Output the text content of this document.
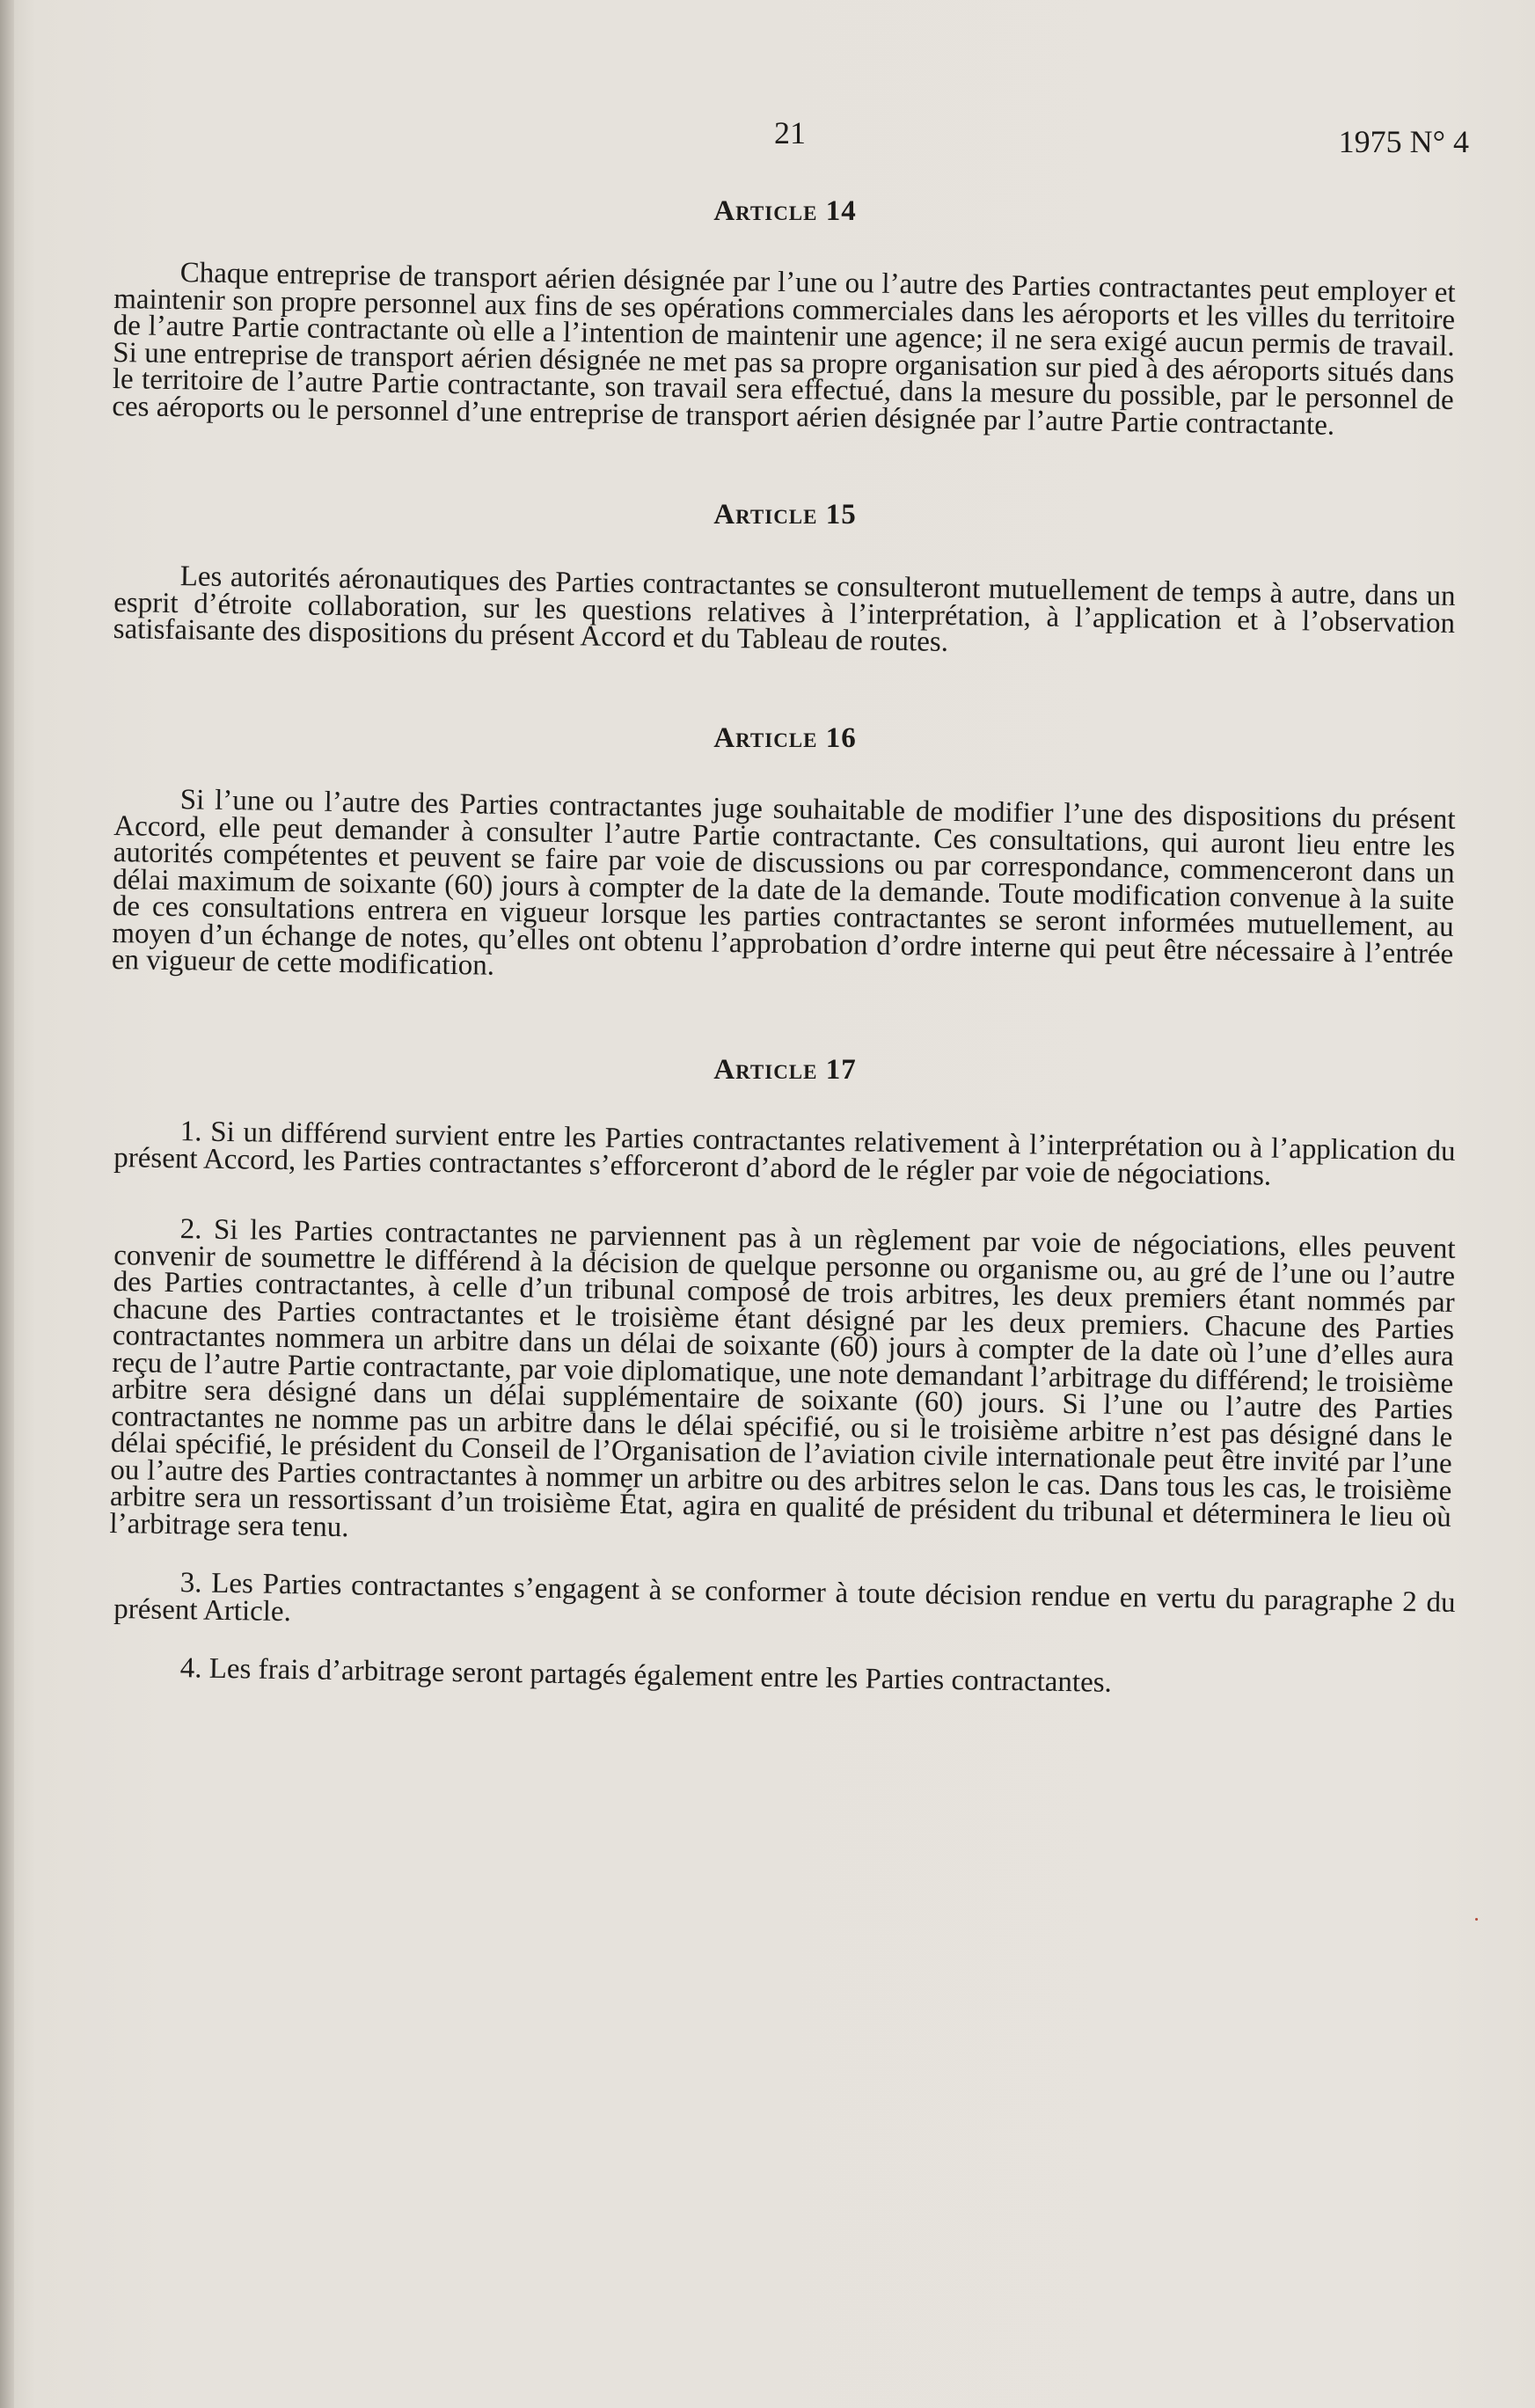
21	1975 N° 4
Article 14

Chaque entreprise de transport aérien désignée par l’une ou l’autre des Parties contractantes peut employer et maintenir son propre personnel aux fins de ses opérations commerciales dans les aéroports et les villes du territoire de l’autre Partie contractante où elle a l’intention de maintenir une agence; il ne sera exigé aucun permis de travail. Si une entreprise de transport aérien désignée ne met pas sa propre organisation sur pied à des aéroports situés dans le territoire de l’autre Partie contractante, son travail sera effectué, dans la mesure du possible, par le personnel de ces aéroports ou le personnel d’une entreprise de transport aérien désignée par l’autre Partie contractante.

Article 15

Les autorités aéronautiques des Parties contractantes se consulteront mutuellement de temps à autre, dans un esprit d’étroite collaboration, sur les questions relatives à l’interprétation, à l’application et à l’observation satisfaisante des dispositions du présent Accord et du Tableau de routes.

Article 16

Si l’une ou l’autre des Parties contractantes juge souhaitable de modifier l’une des dispositions du présent Accord, elle peut demander à consulter l’autre Partie contractante. Ces consultations, qui auront lieu entre les autorités compétentes et peuvent se faire par voie de discussions ou par correspondance, commenceront dans un délai maximum de soixante (60) jours à compter de la date de la demande. Toute modification convenue à la suite de ces consultations entrera en vigueur lorsque les parties contractantes se seront informées mutuellement, au moyen d’un échange de notes, qu’elles ont obtenu l’approbation d’ordre interne qui peut être nécessaire à l’entrée en vigueur de cette modification.

Article 17

1. Si un différend survient entre les Parties contractantes relativement à l’interprétation ou à l’application du présent Accord, les Parties contractantes s’efforceront d’abord de le régler par voie de négociations.

2. Si les Parties contractantes ne parviennent pas à un règlement par voie de négociations, elles peuvent convenir de soumettre le différend à la décision de quelque personne ou organisme ou, au gré de l’une ou l’autre des Parties contractantes, à celle d’un tribunal composé de trois arbitres, les deux premiers étant nommés par chacune des Parties contractantes et le troisième étant désigné par les deux premiers. Chacune des Parties contractantes nommera un arbitre dans un délai de soixante (60) jours à compter de la date où l’une d’elles aura reçu de l’autre Partie contractante, par voie diplomatique, une note demandant l’arbitrage du différend; le troisième arbitre sera désigné dans un délai supplémentaire de soixante (60) jours. Si l’une ou l’autre des Parties contractantes ne nomme pas un arbitre dans le délai spécifié, ou si le troisième arbitre n’est pas désigné dans le délai spécifié, le président du Conseil de l’Organisation de l’aviation civile internationale peut être invité par l’une ou l’autre des Parties contractantes à nommer un arbitre ou des arbitres selon le cas. Dans tous les cas, le troisième arbitre sera un ressortissant d’un troisième État, agira en qualité de président du tribunal et déterminera le lieu où l’arbitrage sera tenu.

3. Les Parties contractantes s’engagent à se conformer à toute décision rendue en vertu du paragraphe 2 du présent Article.

4. Les frais d’arbitrage seront partagés également entre les Parties contractantes.
